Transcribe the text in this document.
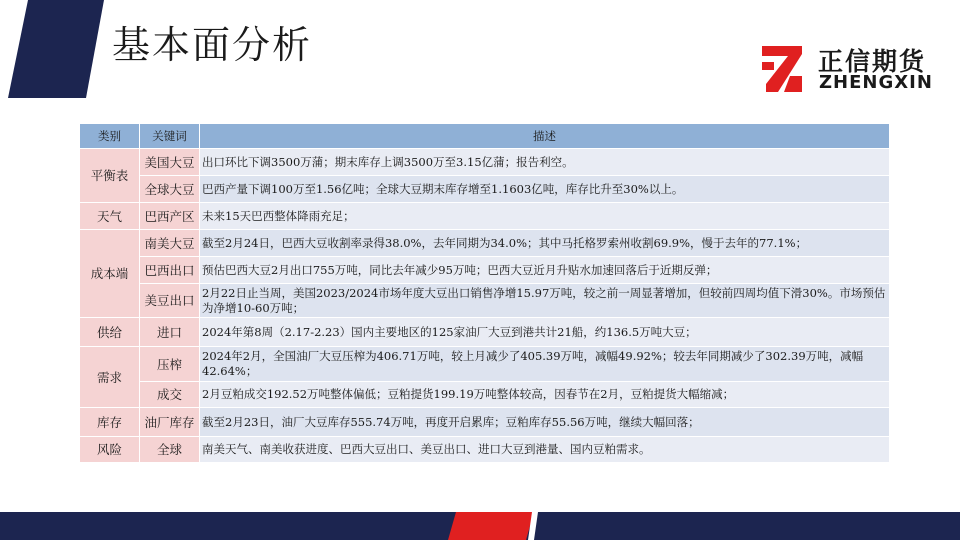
基本面分析	正信期货
ZHENGXIN
类别	关键词	描述
平衡表	美国大豆	出口环比下调3500万蒲；期末库存上调3500万至3.15亿蒲；报告利空。
	全球大豆	巴西产量下调100万至1.56亿吨；全球大豆期末库存增至1.1603亿吨，库存比升至30%以上。
天气	巴西产区	未来15天巴西整体降雨充足；
成本端	南美大豆	截至2月24日，巴西大豆收割率录得38.0%，去年同期为34.0%；其中马托格罗索州收割69.9%，慢于去年的77.1%；
	巴西出口	预估巴西大豆2月出口755万吨，同比去年减少95万吨；巴西大豆近月升贴水加速回落后于近期反弹；
	美豆出口	2月22日止当周，美国2023/2024市场年度大豆出口销售净增15.97万吨，较之前一周显著增加，但较前四周均值下滑30%。市场预估为净增10-60万吨；
供给	进口	2024年第8周（2.17-2.23）国内主要地区的125家油厂大豆到港共计21船，约136.5万吨大豆；
需求	压榨	2024年2月，全国油厂大豆压榨为406.71万吨，较上月减少了405.39万吨，减幅49.92%；较去年同期减少了302.39万吨，减幅42.64%；
	成交	2月豆粕成交192.52万吨整体偏低；豆粕提货199.19万吨整体较高，因春节在2月，豆粕提货大幅缩减；
库存	油厂库存	截至2月23日，油厂大豆库存555.74万吨，再度开启累库；豆粕库存55.56万吨，继续大幅回落；
风险	全球	南美天气、南美收获进度、巴西大豆出口、美豆出口、进口大豆到港量、国内豆粕需求。
